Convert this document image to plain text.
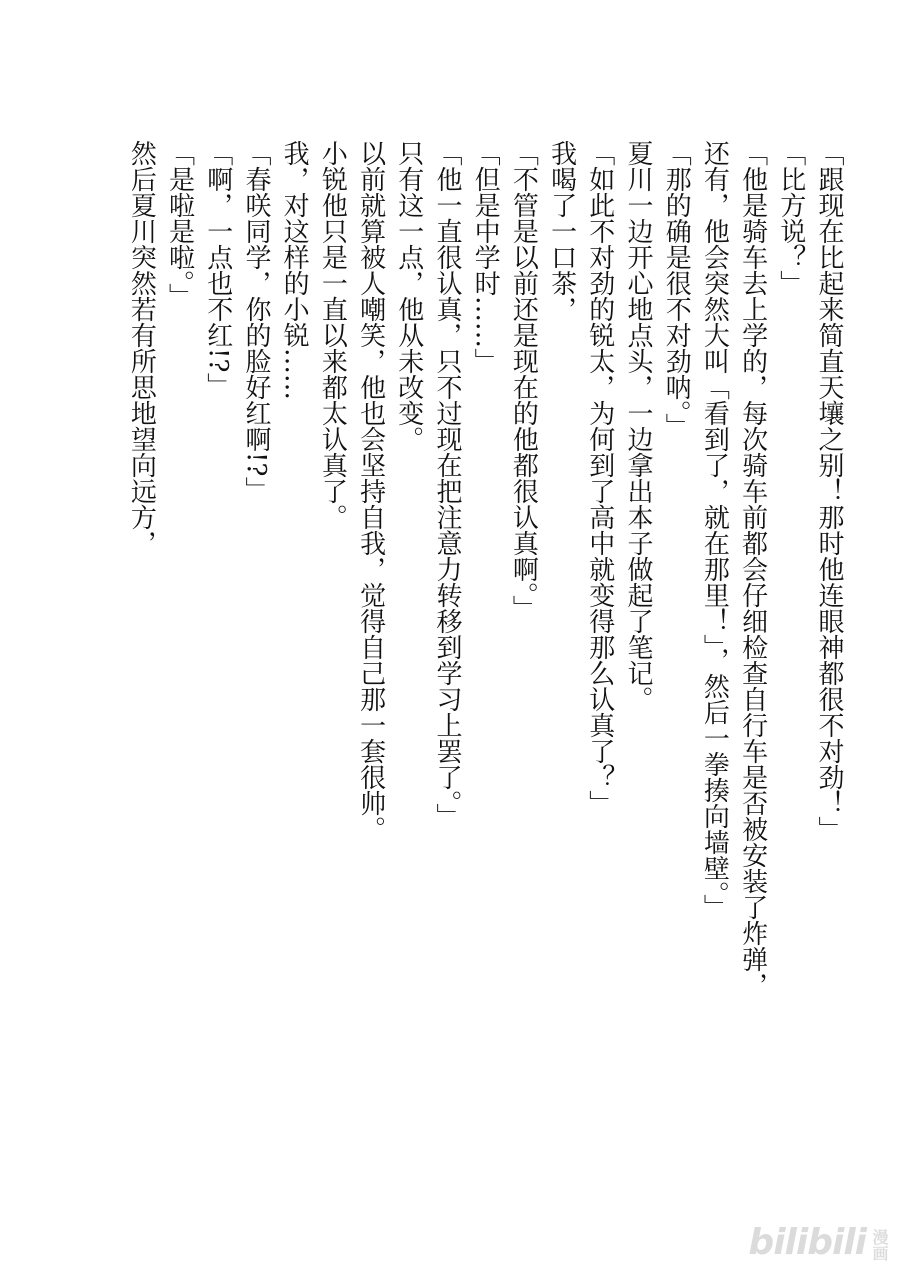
「跟现在比起来简直天壤之别！那时他连眼神都很不对劲！」
「比方说？」
「他是骑车去上学的，每次骑车前都会仔细检查自行车是否被安装了炸弹，
还有，他会突然大叫「看到了，就在那里！」，然后一拳揍向墙壁。」
「那的确是很不对劲呐。」
夏川一边开心地点头，一边拿出本子做起了笔记。
「如此不对劲的锐太，为何到了高中就变得那么认真了？」
我喝了一口茶，
「不管是以前还是现在的他都很认真啊。」
「但是中学时……」
「他一直很认真，只不过现在把注意力转移到学习上罢了。」
只有这一点，他从未改变。
以前就算被人嘲笑，他也会坚持自我，觉得自己那一套很帅。
小锐他只是一直以来都太认真了。
我，对这样的小锐……
「春咲同学，你的脸好红啊!?」
「啊，一点也不红!?」
「是啦是啦。」
然后夏川突然若有所思地望向远方，
bilibili 漫画
